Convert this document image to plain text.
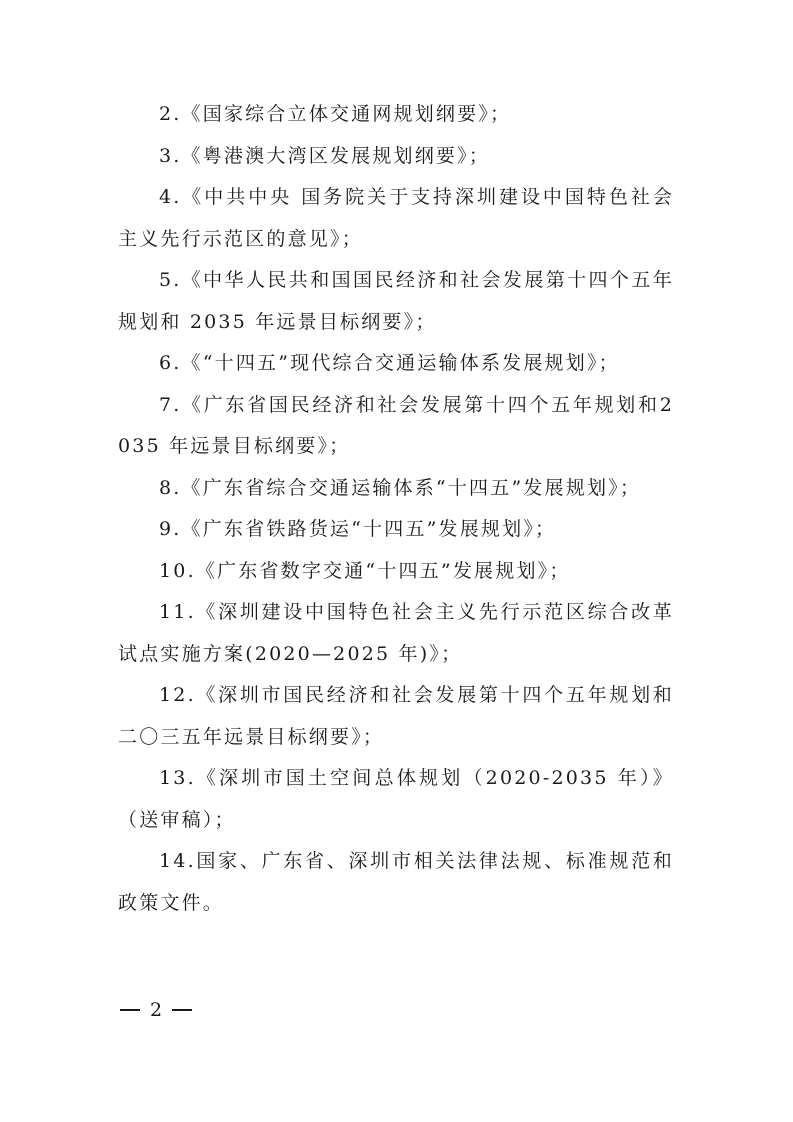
2.《国家综合立体交通网规划纲要》；

3.《粤港澳大湾区发展规划纲要》；

4.《中共中央 国务院关于支持深圳建设中国特色社会主义先行示范区的意见》；

5.《中华人民共和国国民经济和社会发展第十四个五年规划和 2035 年远景目标纲要》；

6.《“十四五”现代综合交通运输体系发展规划》；

7.《广东省国民经济和社会发展第十四个五年规划和2035 年远景目标纲要》；

8.《广东省综合交通运输体系“十四五”发展规划》；

9.《广东省铁路货运“十四五”发展规划》；

10.《广东省数字交通“十四五”发展规划》；

11.《深圳建设中国特色社会主义先行示范区综合改革试点实施方案(2020—2025 年)》；

12.《深圳市国民经济和社会发展第十四个五年规划和二〇三五年远景目标纲要》；

13.《深圳市国土空间总体规划（2020-2035 年）》（送审稿）；

14.国家、广东省、深圳市相关法律法规、标准规范和政策文件。

2
